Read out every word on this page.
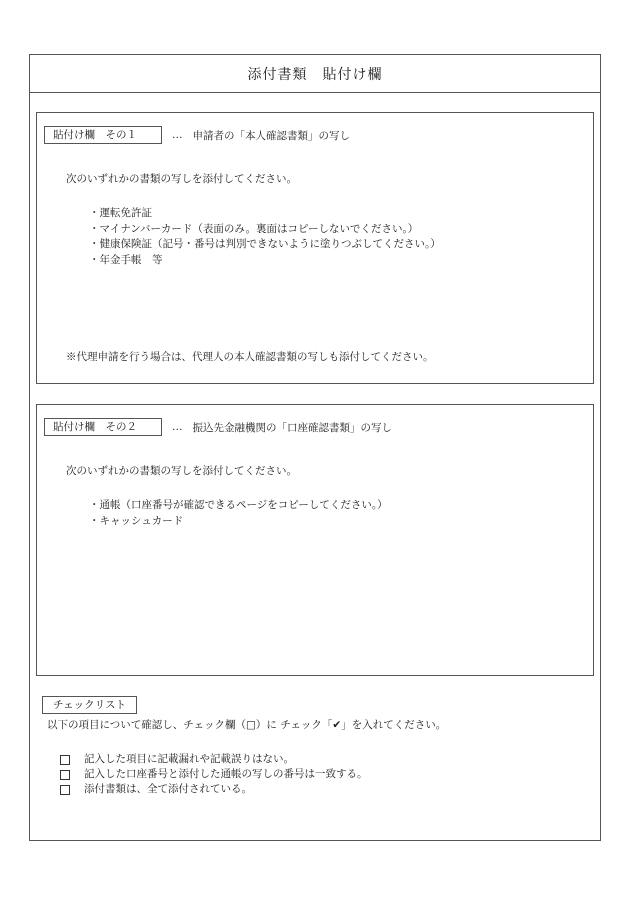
添付書類　貼付け欄
貼付け欄　その１	… 申請者の「本人確認書類」の写し
次のいずれかの書類の写しを添付してください。
・運転免許証
・マイナンバーカード（表面のみ。裏面はコピーしないでください。）
・健康保険証（記号・番号は判別できないように塗りつぶしてください。）
・年金手帳　等
※代理申請を行う場合は、代理人の本人確認書類の写しも添付してください。
貼付け欄　その２	… 振込先金融機関の「口座確認書類」の写し
次のいずれかの書類の写しを添付してください。
・通帳（口座番号が確認できるページをコピーしてください。）
・キャッシュカード
チェックリスト
以下の項目について確認し、チェック欄（□）に チェック「✔」を入れてください。
記入した項目に記載漏れや記載誤りはない。
記入した口座番号と添付した通帳の写しの番号は一致する。
添付書類は、全て添付されている。
